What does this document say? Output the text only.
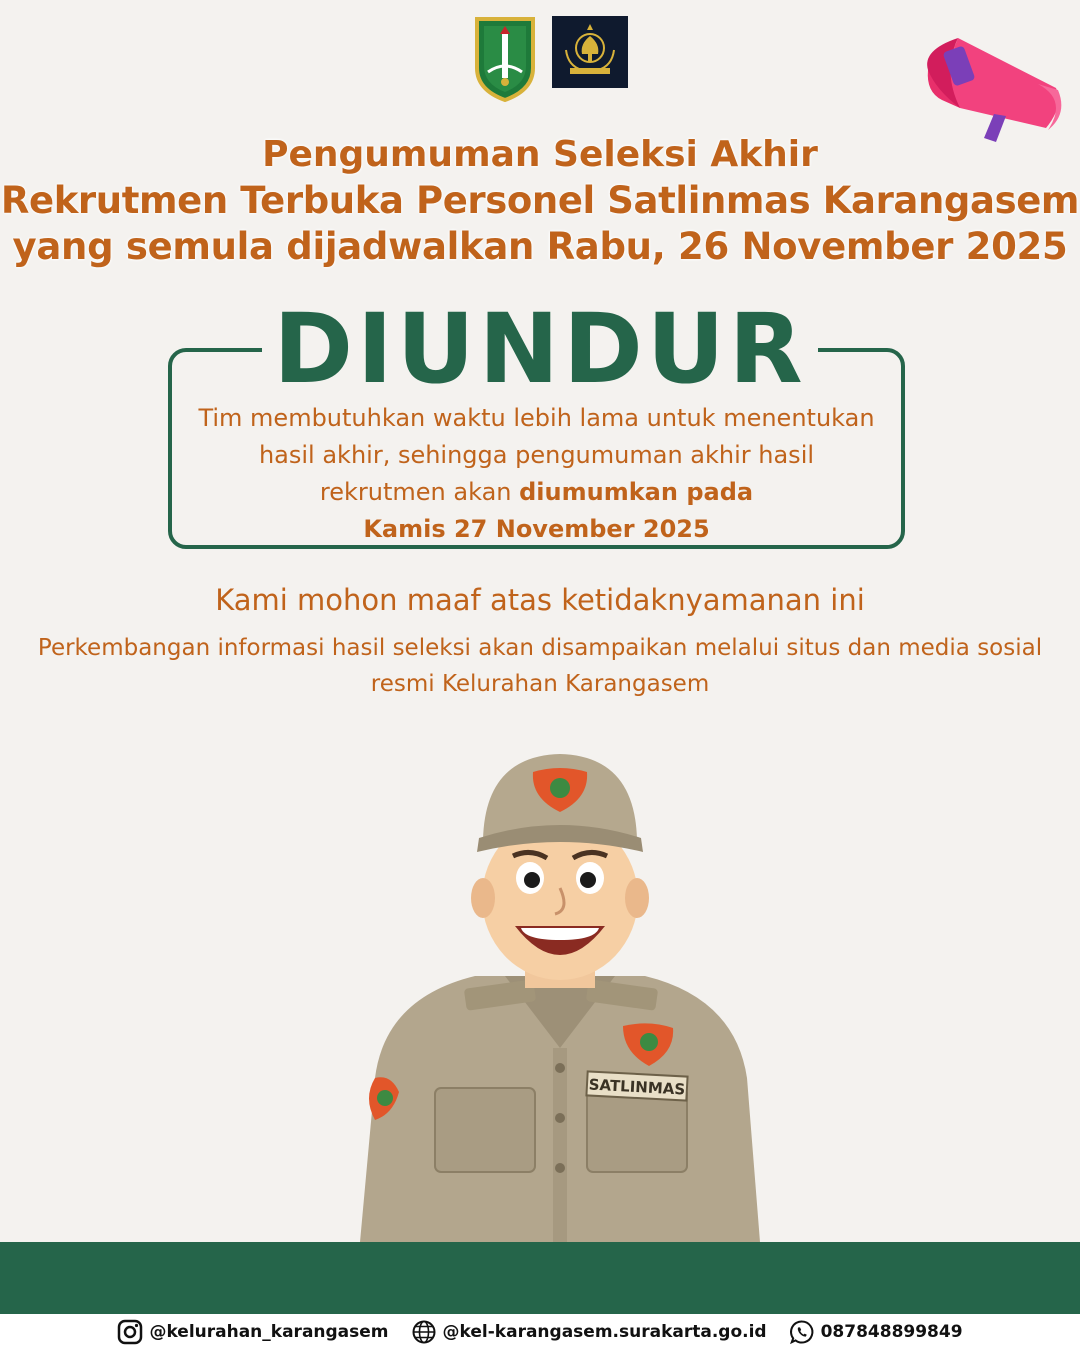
Pengumuman Seleksi Akhir
Rekrutmen Terbuka Personel Satlinmas Karangasem
yang semula dijadwalkan Rabu, 26 November 2025
DIUNDUR
Tim membutuhkan waktu lebih lama untuk menentukan
hasil akhir, sehingga pengumuman akhir hasil
rekrutmen akan diumumkan pada
Kamis 27 November 2025
Kami mohon maaf atas ketidaknyamanan ini
Perkembangan informasi hasil seleksi akan disampaikan melalui situs dan media sosial
resmi Kelurahan Karangasem
SATLINMAS
@kelurahan_karangasem	@kel-karangasem.surakarta.go.id	087848899849
